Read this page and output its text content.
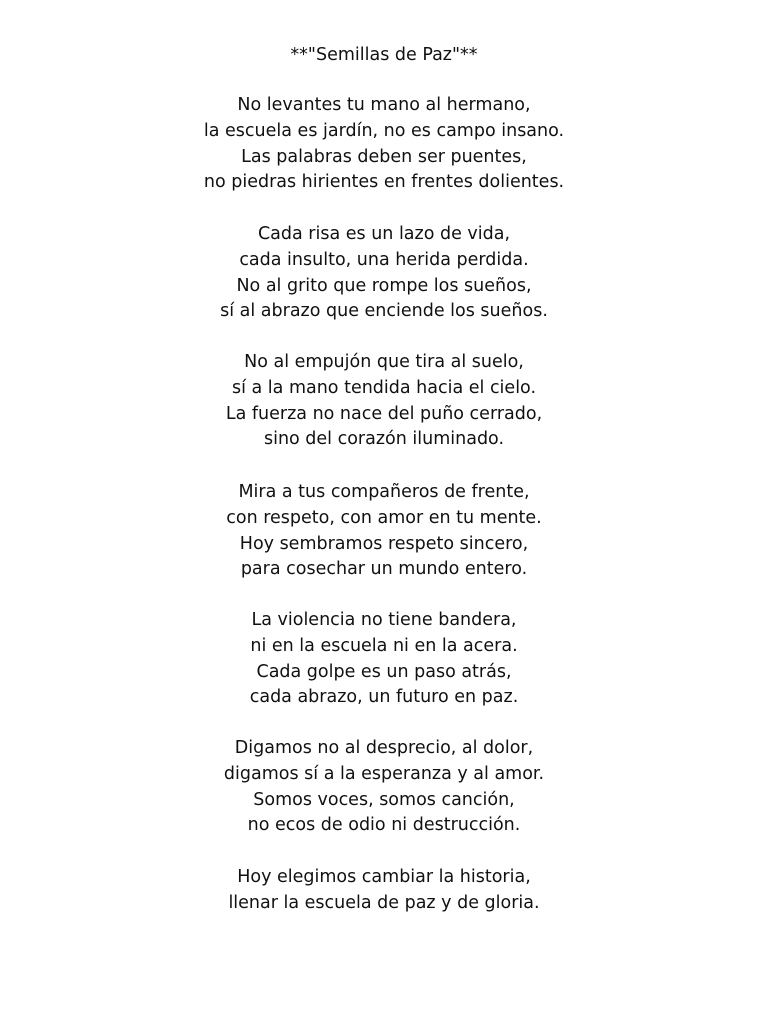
**"Semillas de Paz"**
No levantes tu mano al hermano,
la escuela es jardín, no es campo insano.
Las palabras deben ser puentes,
no piedras hirientes en frentes dolientes.
Cada risa es un lazo de vida,
cada insulto, una herida perdida.
No al grito que rompe los sueños,
sí al abrazo que enciende los sueños.
No al empujón que tira al suelo,
sí a la mano tendida hacia el cielo.
La fuerza no nace del puño cerrado,
sino del corazón iluminado.
Mira a tus compañeros de frente,
con respeto, con amor en tu mente.
Hoy sembramos respeto sincero,
para cosechar un mundo entero.
La violencia no tiene bandera,
ni en la escuela ni en la acera.
Cada golpe es un paso atrás,
cada abrazo, un futuro en paz.
Digamos no al desprecio, al dolor,
digamos sí a la esperanza y al amor.
Somos voces, somos canción,
no ecos de odio ni destrucción.
Hoy elegimos cambiar la historia,
llenar la escuela de paz y de gloria.
